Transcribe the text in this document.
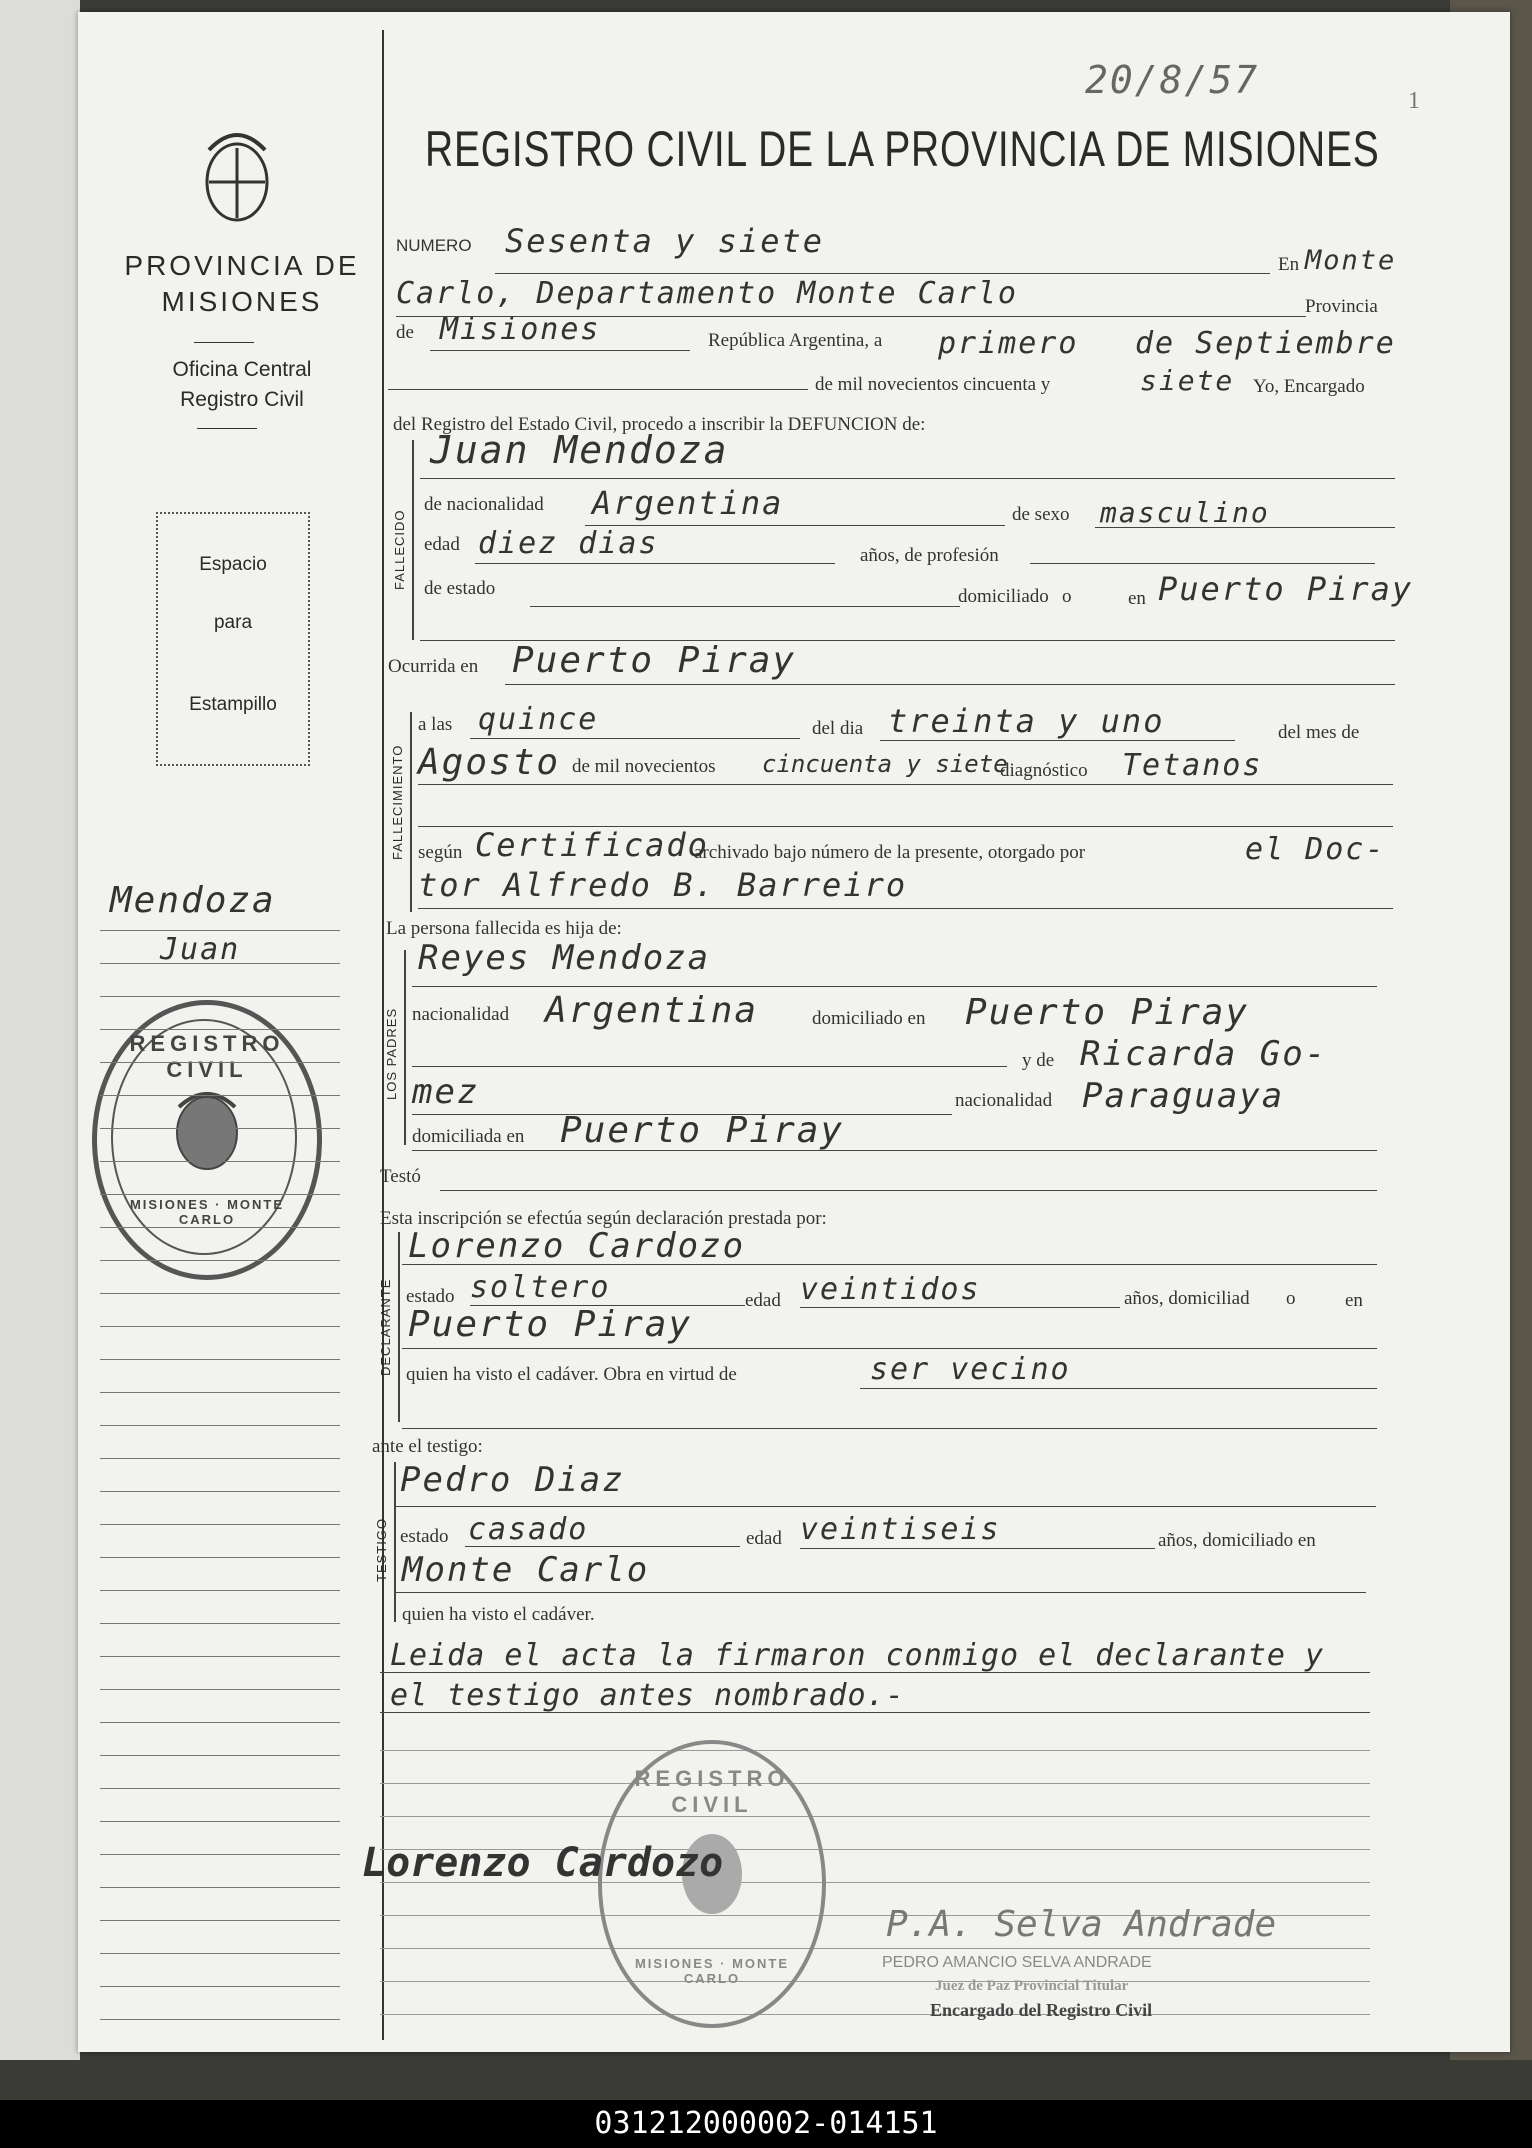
PROVINCIA DE MISIONES
Oficina Central
Registro Civil
Espacio
para
Estampillo
Mendoza
Juan
REGISTRO CIVIL
MISIONES · MONTE CARLO
REGISTRO CIVIL DE LA PROVINCIA DE MISIONES
20/8/57	1
NUMERO Sesenta y siete
En Monte
Carlo, Departamento Monte Carlo	Provincia
de Misiones	República Argentina, a primero de Septiembre
de mil novecientos cincuenta y	siete Yo, Encargado
del Registro del Estado Civil, procedo a inscribir la DEFUNCION de:
FALLECIDO
Juan Mendoza
de nacionalidad Argentina	de sexo masculino
edad diez dias	años, de profesión
de estado	domiciliado o	en Puerto Piray
Ocurrida en Puerto Piray
FALLECIMIENTO
a las quince	del dia treinta y uno	del mes de
Agosto de mil novecientos cincuenta y siete
diagnóstico Tetanos
según Certificado
archivado bajo número de la presente, otorgado por	el Doc-
tor Alfredo B. Barreiro
La persona fallecida es hija de:
LOS PADRES
Reyes Mendoza
nacionalidad Argentina	domiciliado en Puerto Piray
y de Ricarda Go-
mez	nacionalidad Paraguaya
domiciliada en Puerto Piray
Testó
Esta inscripción se efectúa según declaración prestada por:
DECLARANTE
Lorenzo Cardozo
estado soltero	edad veintidos	años, domiciliad o	en
Puerto Piray
quien ha visto el cadáver. Obra en virtud de	ser vecino
ante el testigo:
TESTIGO
Pedro Diaz
estado casado	edad veintiseis	años, domiciliado en
Monte Carlo
quien ha visto el cadáver.
Leida el acta la firmaron conmigo el declarante y
el testigo antes nombrado.-
REGISTRO CIVIL
MISIONES · MONTE CARLO
Lorenzo Cardozo
P.A. Selva Andrade
PEDRO AMANCIO SELVA ANDRADE
Juez de Paz Provincial Titular
Encargado del Registro Civil
031212000002-014151
